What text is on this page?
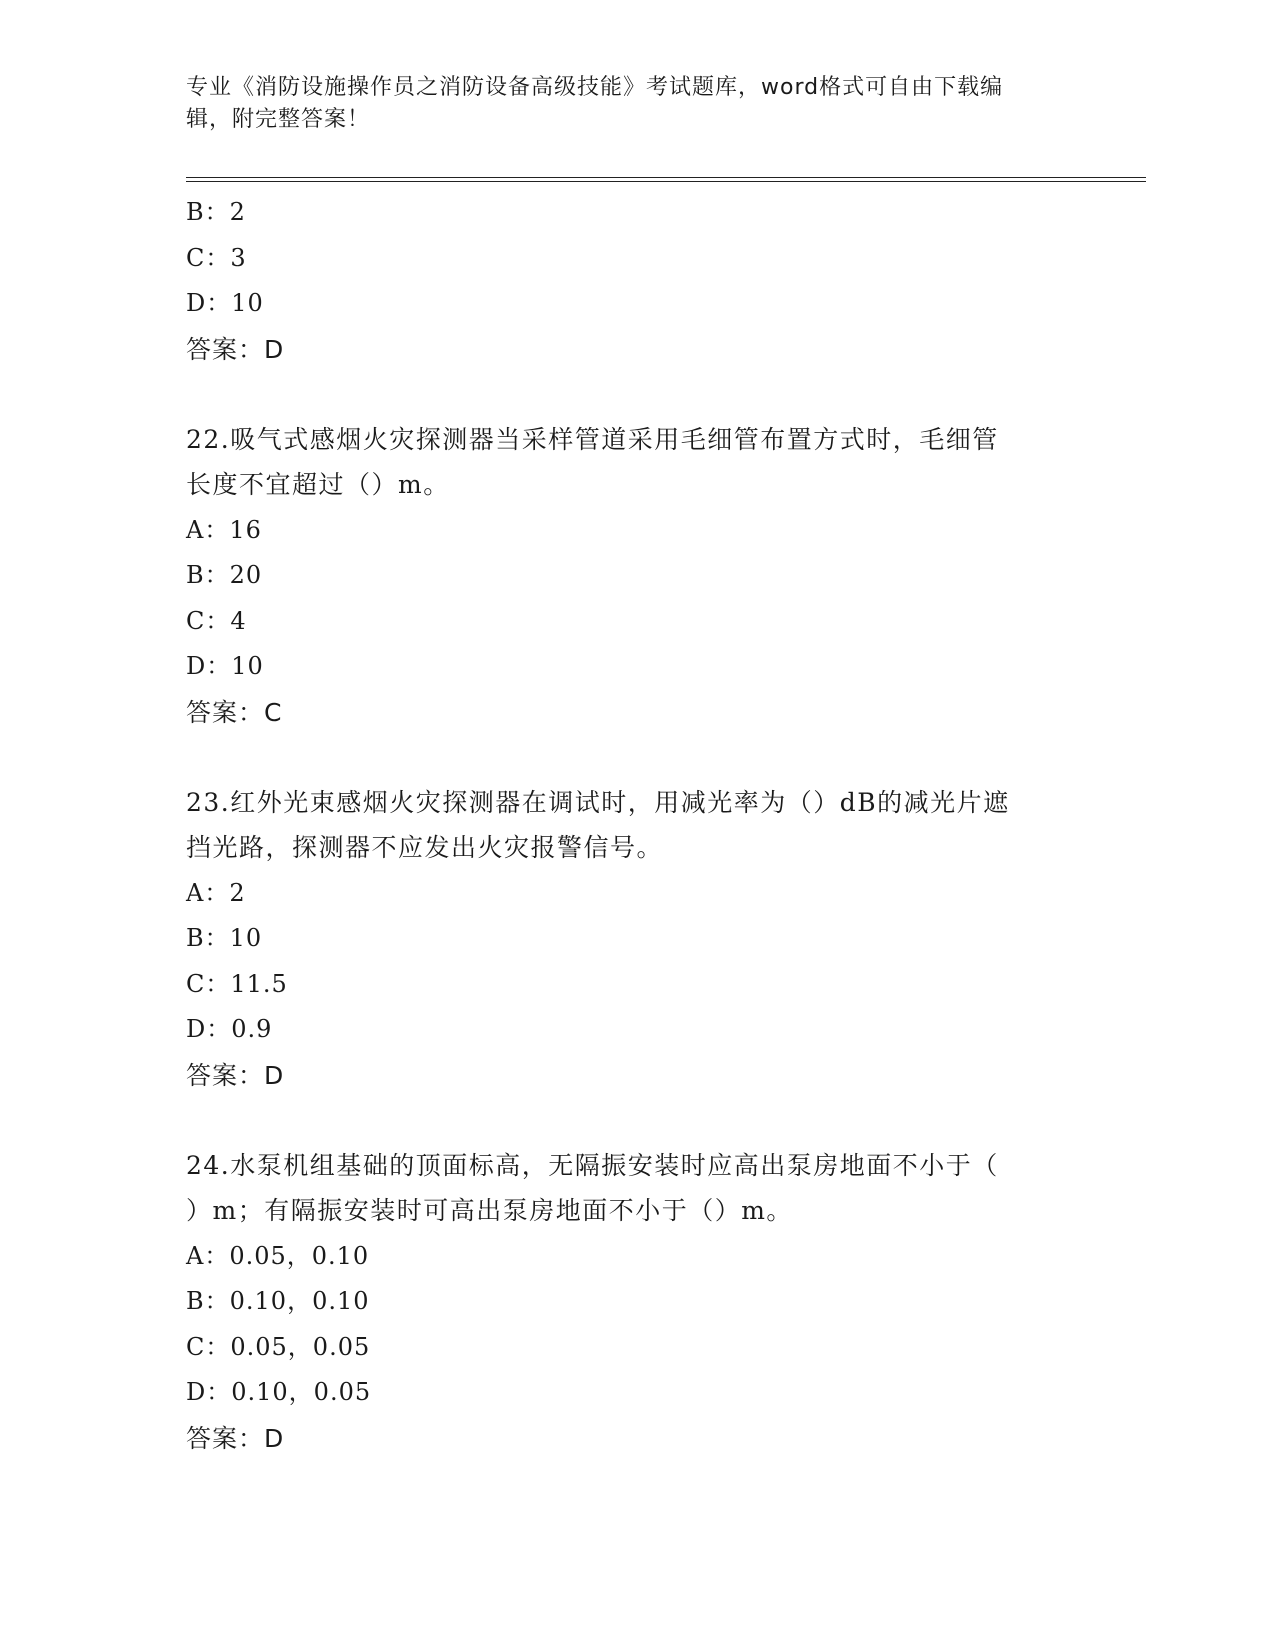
专业《消防设施操作员之消防设备高级技能》考试题库，word格式可自由下载编
辑，附完整答案！
B：2
C：3
D：10
答案：D
22.吸气式感烟火灾探测器当采样管道采用毛细管布置方式时，毛细管
长度不宜超过（）m。
A：16
B：20
C：4
D：10
答案：C
23.红外光束感烟火灾探测器在调试时，用减光率为（）dB的减光片遮
挡光路，探测器不应发出火灾报警信号。
A：2
B：10
C：11.5
D：0.9
答案：D
24.水泵机组基础的顶面标高，无隔振安装时应高出泵房地面不小于（
）m；有隔振安装时可高出泵房地面不小于（）m。
A：0.05，0.10
B：0.10，0.10
C：0.05，0.05
D：0.10，0.05
答案：D
